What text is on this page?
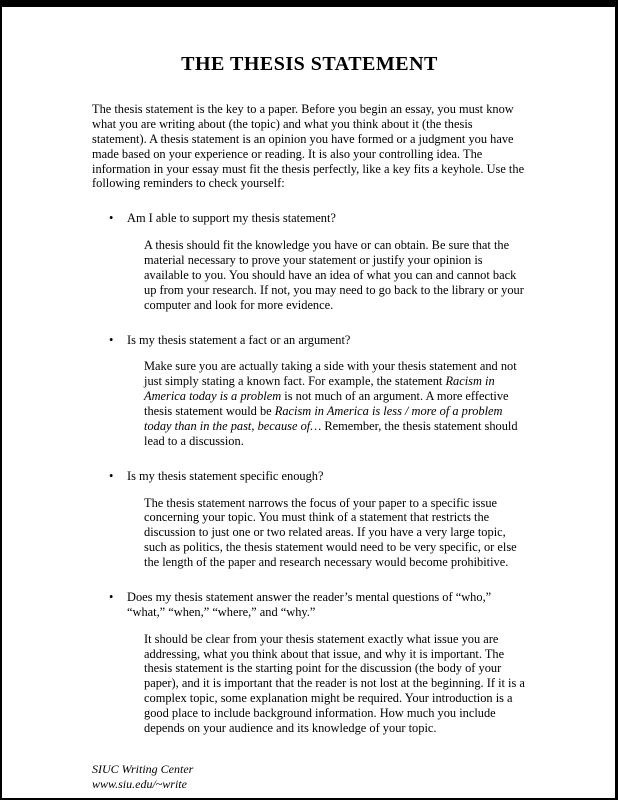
THE THESIS STATEMENT

The thesis statement is the key to a paper. Before you begin an essay, you must know what you are writing about (the topic) and what you think about it (the thesis statement). A thesis statement is an opinion you have formed or a judgment you have made based on your experience or reading. It is also your controlling idea. The information in your essay must fit the thesis perfectly, like a key fits a keyhole. Use the following reminders to check yourself:

•	Am I able to support my thesis statement?

A thesis should fit the knowledge you have or can obtain. Be sure that the material necessary to prove your statement or justify your opinion is available to you. You should have an idea of what you can and cannot back up from your research. If not, you may need to go back to the library or your computer and look for more evidence.

•	Is my thesis statement a fact or an argument?

Make sure you are actually taking a side with your thesis statement and not just simply stating a known fact. For example, the statement Racism in America today is a problem is not much of an argument. A more effective thesis statement would be Racism in America is less / more of a problem today than in the past, because of… Remember, the thesis statement should lead to a discussion.

•	Is my thesis statement specific enough?

The thesis statement narrows the focus of your paper to a specific issue concerning your topic. You must think of a statement that restricts the discussion to just one or two related areas. If you have a very large topic, such as politics, the thesis statement would need to be very specific, or else the length of the paper and research necessary would become prohibitive.

•	Does my thesis statement answer the reader’s mental questions of “who,” “what,” “when,” “where,” and “why.”

It should be clear from your thesis statement exactly what issue you are addressing, what you think about that issue, and why it is important. The thesis statement is the starting point for the discussion (the body of your paper), and it is important that the reader is not lost at the beginning. If it is a complex topic, some explanation might be required. Your introduction is a good place to include background information. How much you include depends on your audience and its knowledge of your topic.

SIUC Writing Center
www.siu.edu/~write
